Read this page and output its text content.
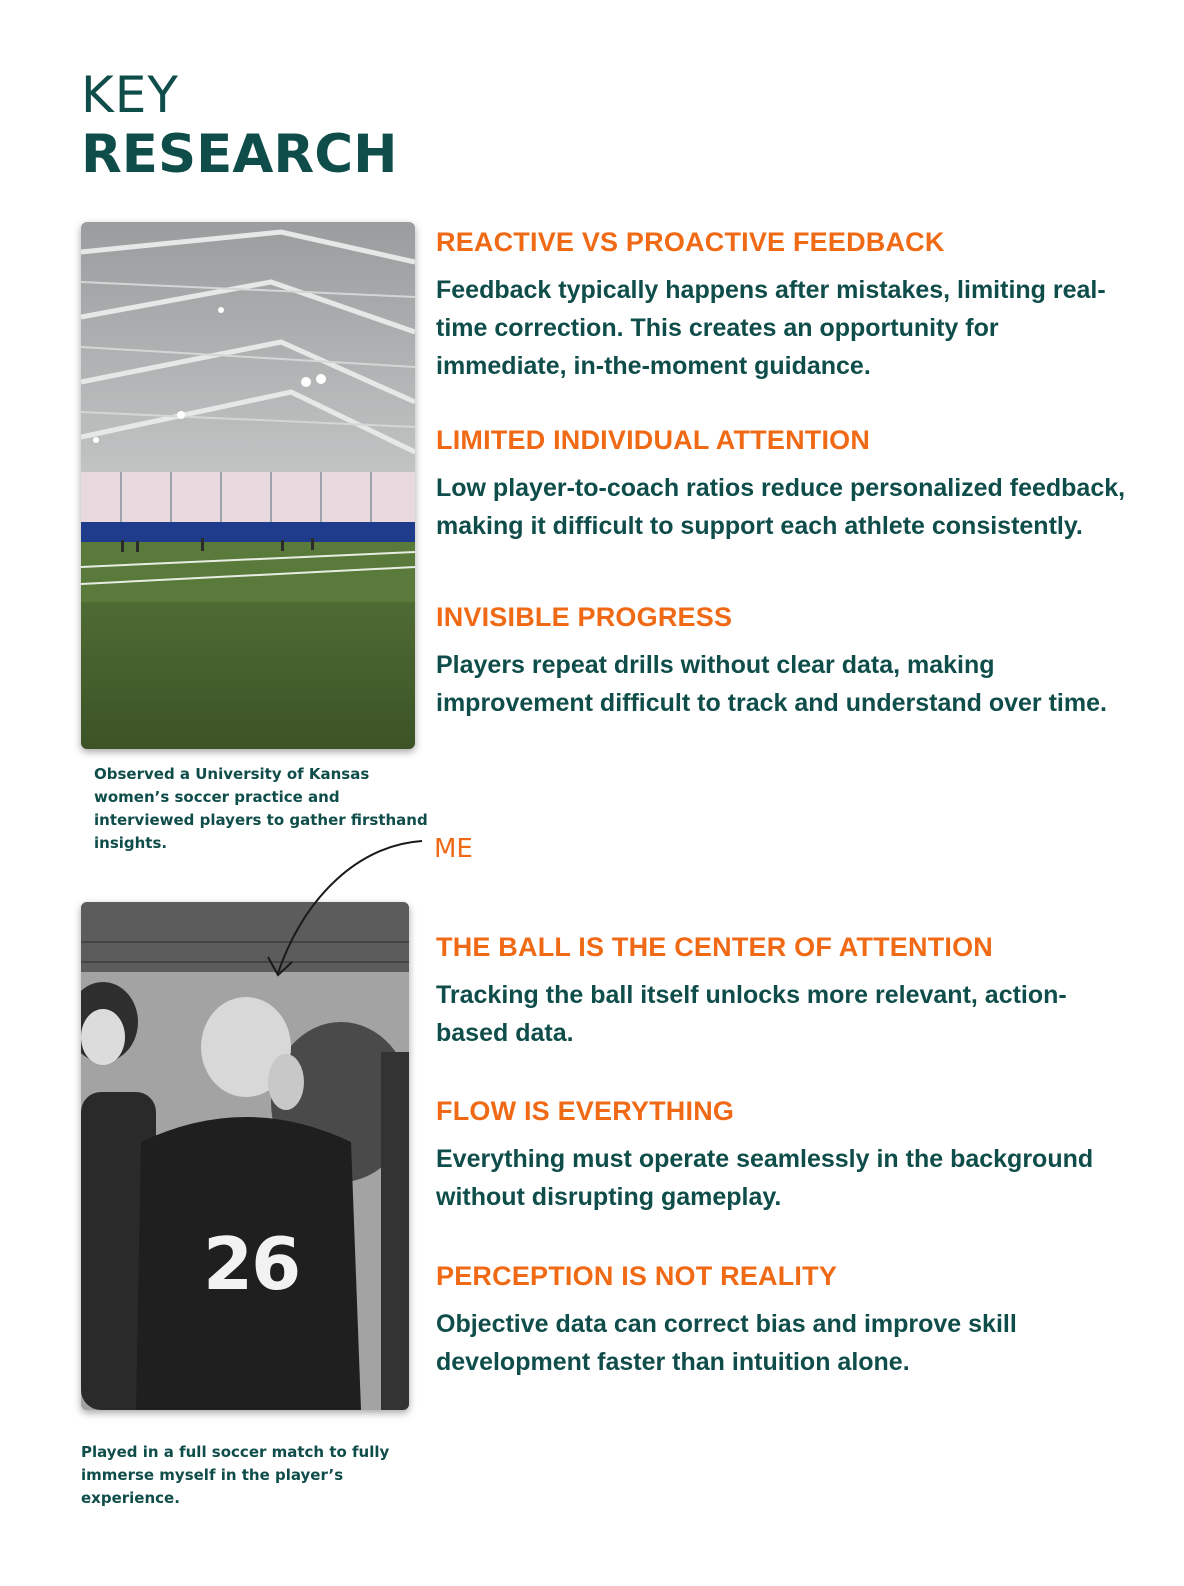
KEY
RESEARCH
Observed a University of Kansas women’s soccer practice and interviewed players to gather firsthand insights.
26
Played in a full soccer match to fully immerse myself in the player’s experience.
ME
REACTIVE VS PROACTIVE FEEDBACK

Feedback typically happens after mistakes, limiting real-time correction. This creates an opportunity for immediate, in-the-moment guidance.

LIMITED INDIVIDUAL ATTENTION

Low player-to-coach ratios reduce personalized feedback, making it difficult to support each athlete consistently.

INVISIBLE PROGRESS

Players repeat drills without clear data, making improvement difficult to track and understand over time.

THE BALL IS THE CENTER OF ATTENTION

Tracking the ball itself unlocks more relevant, action-based data.

FLOW IS EVERYTHING

Everything must operate seamlessly in the background without disrupting gameplay.

PERCEPTION IS NOT REALITY

Objective data can correct bias and improve skill development faster than intuition alone.
